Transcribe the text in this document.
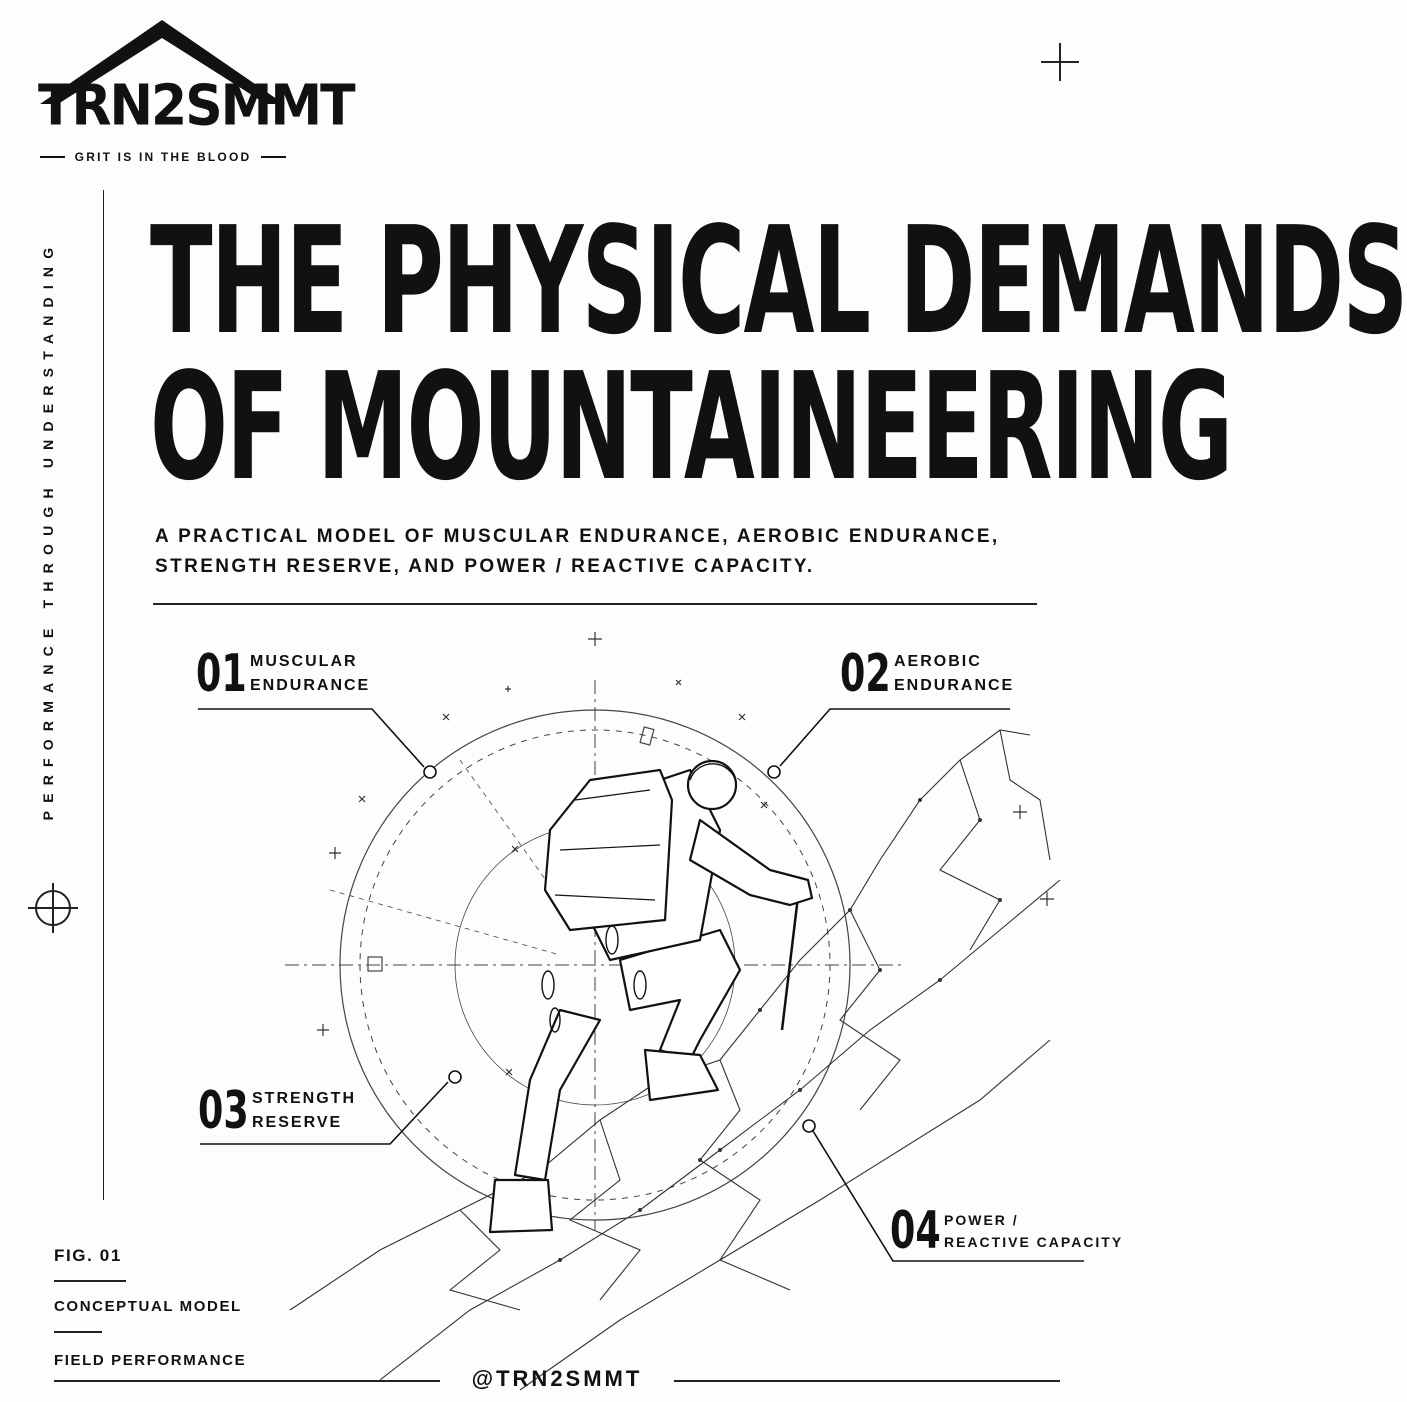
TRN2SMMT
GRIT IS IN THE BLOOD
PERFORMANCE THROUGH UNDERSTANDING THE PHYSICAL DEMANDS
OF MOUNTAINEERING
A PRACTICAL MODEL OF MUSCULAR ENDURANCE, AEROBIC ENDURANCE,
STRENGTH RESERVE, AND POWER / REACTIVE CAPACITY.
01 MUSCULAR
ENDURANCE	02 AEROBIC
ENDURANCE
03 STRENGTH
RESERVE
04 POWER /
REACTIVE CAPACITY
FIG. 01
CONCEPTUAL MODEL
FIELD PERFORMANCE
@TRN2SMMT
